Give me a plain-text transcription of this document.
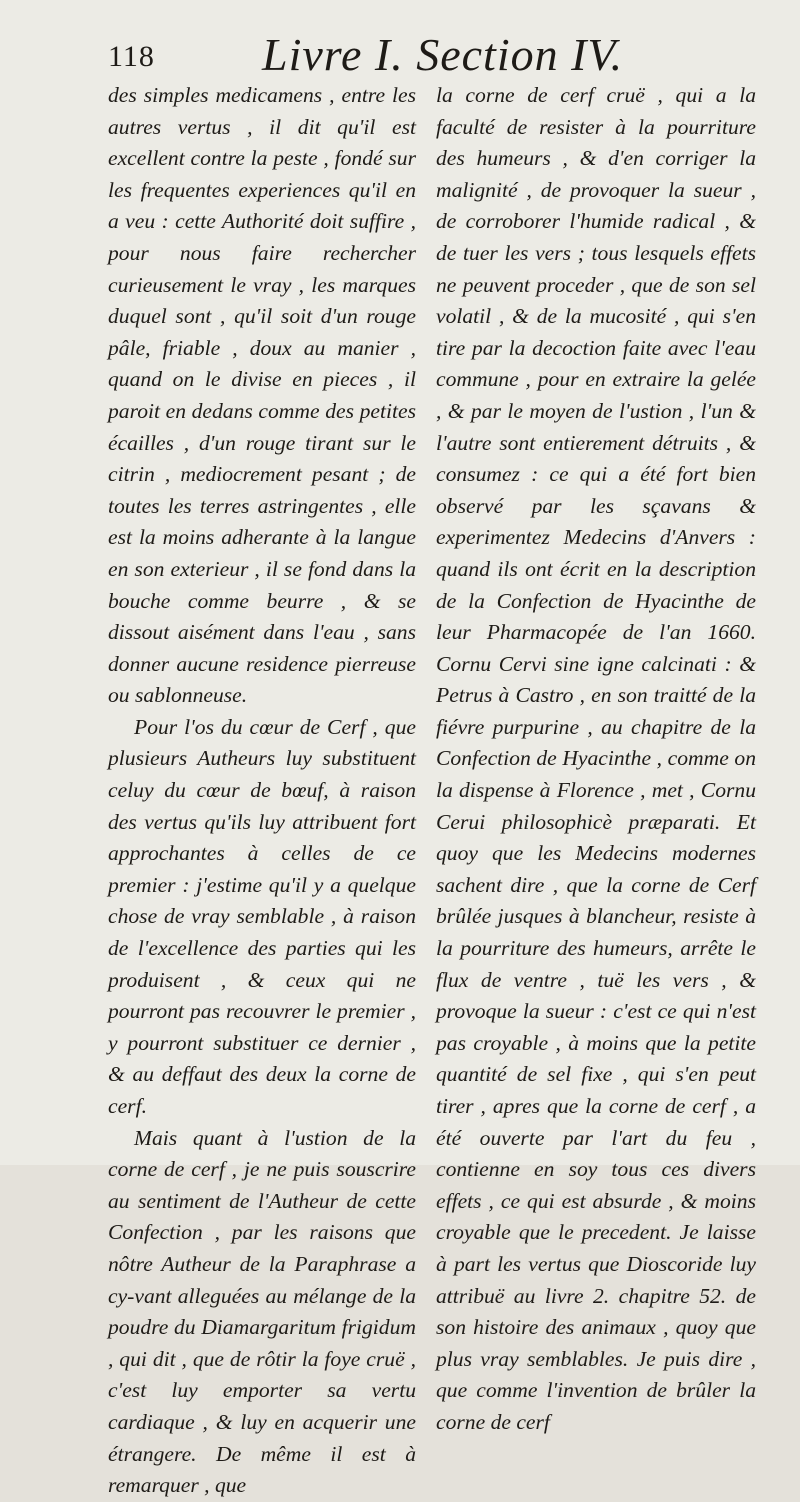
118 Livre I. Section IV.

des simples medicamens , entre les autres vertus , il dit qu'il est excellent contre la peste , fondé sur les frequentes experiences qu'il en a veu : cette Authorité doit suffire , pour nous faire rechercher curieusement le vray , les marques duquel sont , qu'il soit d'un rouge pâle, friable , doux au manier , quand on le divise en pieces , il paroit en dedans comme des petites écailles , d'un rouge tirant sur le citrin , mediocrement pesant ; de toutes les terres astringentes , elle est la moins adherante à la langue en son exterieur , il se fond dans la bouche comme beurre , & se dissout aisément dans l'eau , sans donner aucune residence pierreuse ou sablonneuse.

Pour l'os du cœur de Cerf , que plusieurs Autheurs luy substituent celuy du cœur de bœuf, à raison des vertus qu'ils luy attribuent fort approchantes à celles de ce premier : j'estime qu'il y a quelque chose de vray semblable , à raison de l'excellence des parties qui les produisent , & ceux qui ne pourront pas recouvrer le premier , y pourront substituer ce dernier , & au deffaut des deux la corne de cerf.

Mais quant à l'ustion de la corne de cerf , je ne puis souscrire au sentiment de l'Autheur de cette Confection , par les raisons que nôtre Autheur de la Paraphrase a cy-vant alleguées au mélange de la poudre du Diamargaritum frigidum , qui dit , que de rôtir la foye cruë , c'est luy emporter sa vertu cardiaque , & luy en acquerir une étrangere. De même il est à remarquer , que

la corne de cerf cruë , qui a la faculté de resister à la pourriture des humeurs , & d'en corriger la malignité , de provoquer la sueur , de corroborer l'humide radical , & de tuer les vers ; tous lesquels effets ne peuvent proceder , que de son sel volatil , & de la mucosité , qui s'en tire par la decoction faite avec l'eau commune , pour en extraire la gelée , & par le moyen de l'ustion , l'un & l'autre sont entierement détruits , & consumez : ce qui a été fort bien observé par les sçavans & experimentez Medecins d'Anvers : quand ils ont écrit en la description de la Confection de Hyacinthe de leur Pharmacopée de l'an 1660. Cornu Cervi sine igne calcinati : & Petrus à Castro , en son traitté de la fiévre purpurine , au chapitre de la Confection de Hyacinthe , comme on la dispense à Florence , met , Cornu Cerui philosophicè præparati. Et quoy que les Medecins modernes sachent dire , que la corne de Cerf brûlée jusques à blancheur, resiste à la pourriture des humeurs, arrête le flux de ventre , tuë les vers , & provoque la sueur : c'est ce qui n'est pas croyable , à moins que la petite quantité de sel fixe , qui s'en peut tirer , apres que la corne de cerf , a été ouverte par l'art du feu , contienne en soy tous ces divers effets , ce qui est absurde , & moins croyable que le precedent. Je laisse à part les vertus que Dioscoride luy attribuë au livre 2. chapitre 52. de son histoire des animaux , quoy que plus vray semblables. Je puis dire , que comme l'invention de brûler la corne de cerf
